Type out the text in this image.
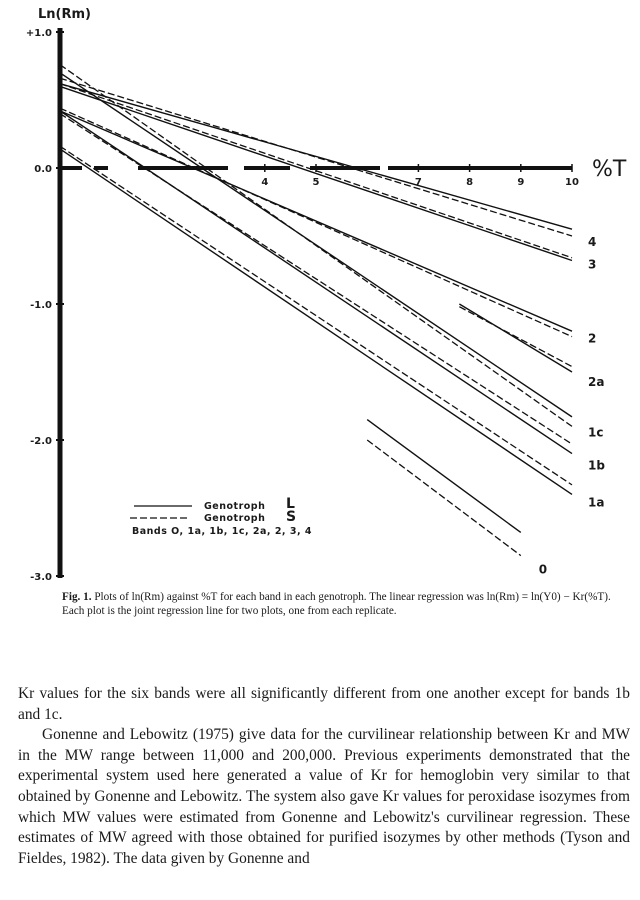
Ln(Rm)
%T
+1.0
0.0
-1.0
-2.0
-3.0
4	5	7	8	9	10
4
3
2
2a
1c
1b
1a
0
Genotroph L
Genotroph S
Bands O, 1a, 1b, 1c, 2a, 2, 3, 4

Fig. 1. Plots of ln(Rm) against %T for each band in each genotroph. The linear regression was ln(Rm) = ln(Y0) − Kr(%T). Each plot is the joint regression line for two plots, one from each replicate.

Kr values for the six bands were all significantly different from one another except for bands 1b and 1c.

Gonenne and Lebowitz (1975) give data for the curvilinear relationship between Kr and MW in the MW range between 11,000 and 200,000. Previous experiments demonstrated that the experimental system used here generated a value of Kr for hemoglobin very similar to that obtained by Gonenne and Lebowitz. The system also gave Kr values for peroxidase isozymes from which MW values were estimated from Gonenne and Lebowitz's curvilinear regression. These estimates of MW agreed with those obtained for purified isozymes by other methods (Tyson and Fieldes, 1982). The data given by Gonenne and
